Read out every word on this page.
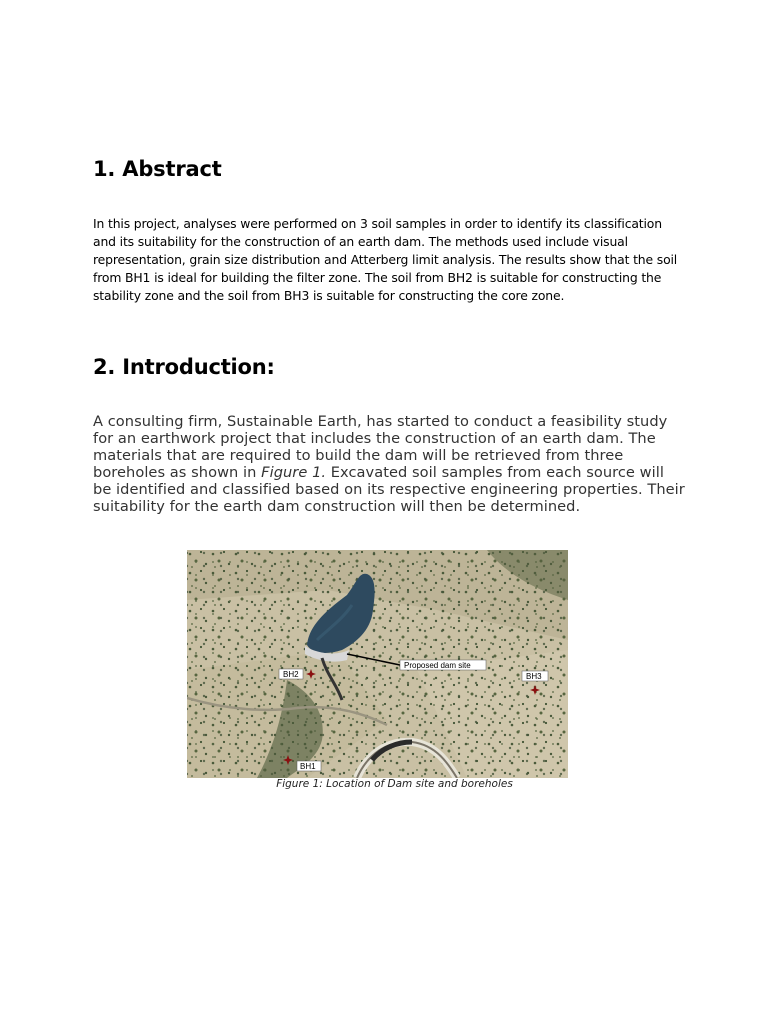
1. Abstract

In this project, analyses were performed on 3 soil samples in order to identify its classification and its suitability for the construction of an earth dam. The methods used include visual representation, grain size distribution and Atterberg limit analysis. The results show that the soil from BH1 is ideal for building the filter zone. The soil from BH2 is suitable for constructing the stability zone and the soil from BH3 is suitable for constructing the core zone.

2. Introduction:

A consulting firm, Sustainable Earth, has started to conduct a feasibility study for an earthwork project that includes the construction of an earth dam. The materials that are required to build the dam will be retrieved from three boreholes as shown in Figure 1. Excavated soil samples from each source will be identified and classified based on its respective engineering properties. Their suitability for the earth dam construction will then be determined.

Proposed dam site
BH2	BH3
BH1
Figure 1: Location of Dam site and boreholes
